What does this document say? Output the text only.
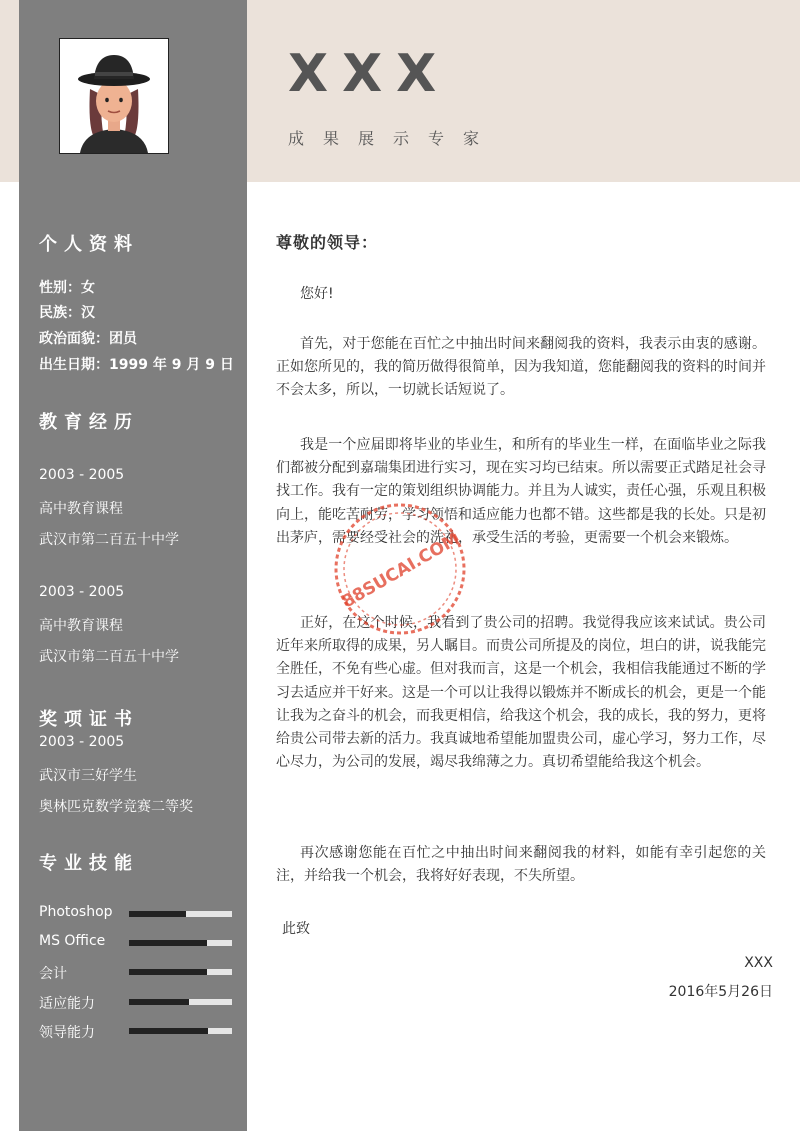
个人资料
性别：女
民族：汉
政治面貌：团员
出生日期：1999 年 9 月 9 日
教育经历
2003 - 2005
高中教育课程
武汉市第二百五十中学
2003 - 2005
高中教育课程
武汉市第二百五十中学
奖项证书
2003 - 2005
武汉市三好学生
奥林匹克数学竞赛二等奖
专业技能
Photoshop
MS Office
会计
适应能力
领导能力
XXX
成果展示专家
尊敬的领导：
您好!
首先，对于您能在百忙之中抽出时间来翻阅我的资料，我表示由衷的感谢。正如您所见的，我的简历做得很简单，因为我知道，您能翻阅我的资料的时间并不会太多，所以，一切就长话短说了。
我是一个应届即将毕业的毕业生，和所有的毕业生一样，在面临毕业之际我们都被分配到嘉瑞集团进行实习，现在实习均已结束。所以需要正式踏足社会寻找工作。我有一定的策划组织协调能力。并且为人诚实，责任心强，乐观且积极向上，能吃苦耐劳，学习领悟和适应能力也都不错。这些都是我的长处。只是初出茅庐，需要经受社会的洗礼，承受生活的考验，更需要一个机会来锻炼。
正好，在这个时候，我看到了贵公司的招聘。我觉得我应该来试试。贵公司近年来所取得的成果，另人瞩目。而贵公司所提及的岗位，坦白的讲，说我能完全胜任，不免有些心虚。但对我而言，这是一个机会，我相信我能通过不断的学习去适应并干好来。这是一个可以让我得以锻炼并不断成长的机会，更是一个能让我为之奋斗的机会，而我更相信，给我这个机会，我的成长，我的努力，更将给贵公司带去新的活力。我真诚地希望能加盟贵公司，虚心学习，努力工作，尽心尽力，为公司的发展，竭尽我绵薄之力。真切希望能给我这个机会。
再次感谢您能在百忙之中抽出时间来翻阅我的材料，如能有幸引起您的关注，并给我一个机会，我将好好表现，不失所望。
此致
XXX
2016年5月26日
88SUCAI.COM
